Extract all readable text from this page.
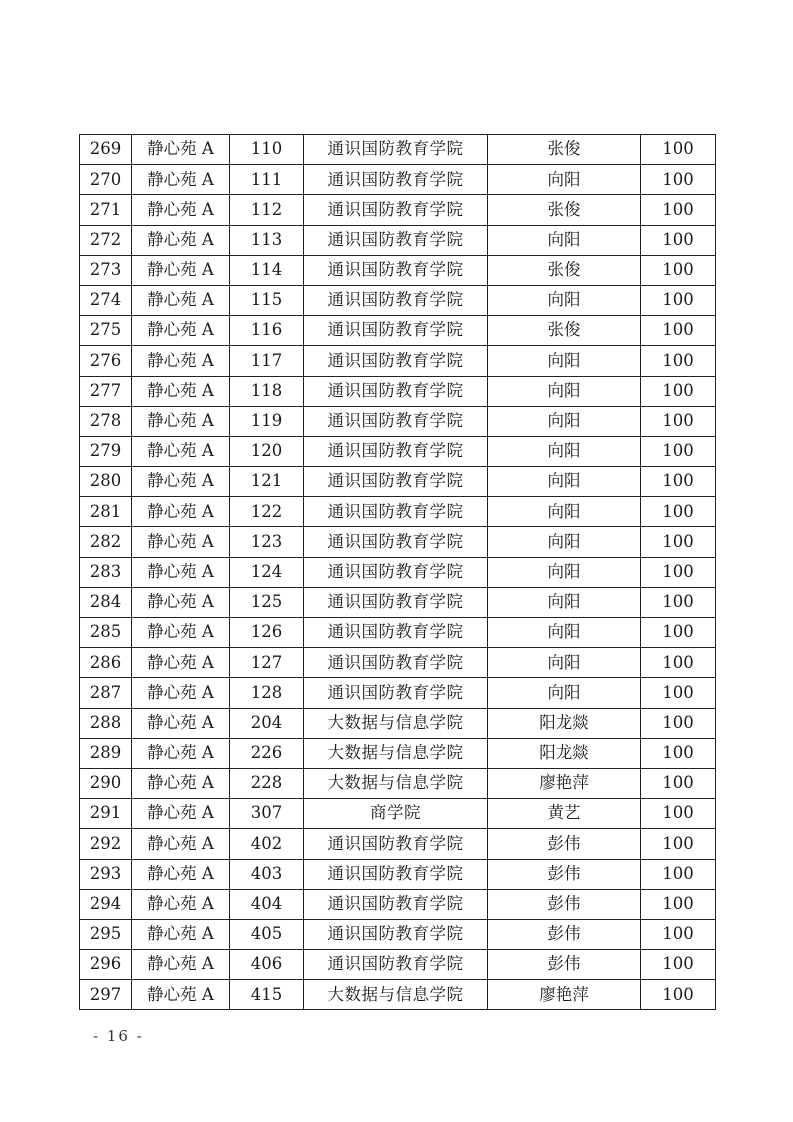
269	静心苑 A	110	通识国防教育学院	张俊	100
270	静心苑 A	111	通识国防教育学院	向阳	100
271	静心苑 A	112	通识国防教育学院	张俊	100
272	静心苑 A	113	通识国防教育学院	向阳	100
273	静心苑 A	114	通识国防教育学院	张俊	100
274	静心苑 A	115	通识国防教育学院	向阳	100
275	静心苑 A	116	通识国防教育学院	张俊	100
276	静心苑 A	117	通识国防教育学院	向阳	100
277	静心苑 A	118	通识国防教育学院	向阳	100
278	静心苑 A	119	通识国防教育学院	向阳	100
279	静心苑 A	120	通识国防教育学院	向阳	100
280	静心苑 A	121	通识国防教育学院	向阳	100
281	静心苑 A	122	通识国防教育学院	向阳	100
282	静心苑 A	123	通识国防教育学院	向阳	100
283	静心苑 A	124	通识国防教育学院	向阳	100
284	静心苑 A	125	通识国防教育学院	向阳	100
285	静心苑 A	126	通识国防教育学院	向阳	100
286	静心苑 A	127	通识国防教育学院	向阳	100
287	静心苑 A	128	通识国防教育学院	向阳	100
288	静心苑 A	204	大数据与信息学院	阳龙燚	100
289	静心苑 A	226	大数据与信息学院	阳龙燚	100
290	静心苑 A	228	大数据与信息学院	廖艳萍	100
291	静心苑 A	307	商学院	黄艺	100
292	静心苑 A	402	通识国防教育学院	彭伟	100
293	静心苑 A	403	通识国防教育学院	彭伟	100
294	静心苑 A	404	通识国防教育学院	彭伟	100
295	静心苑 A	405	通识国防教育学院	彭伟	100
296	静心苑 A	406	通识国防教育学院	彭伟	100
297	静心苑 A	415	大数据与信息学院	廖艳萍	100
- 16 -
